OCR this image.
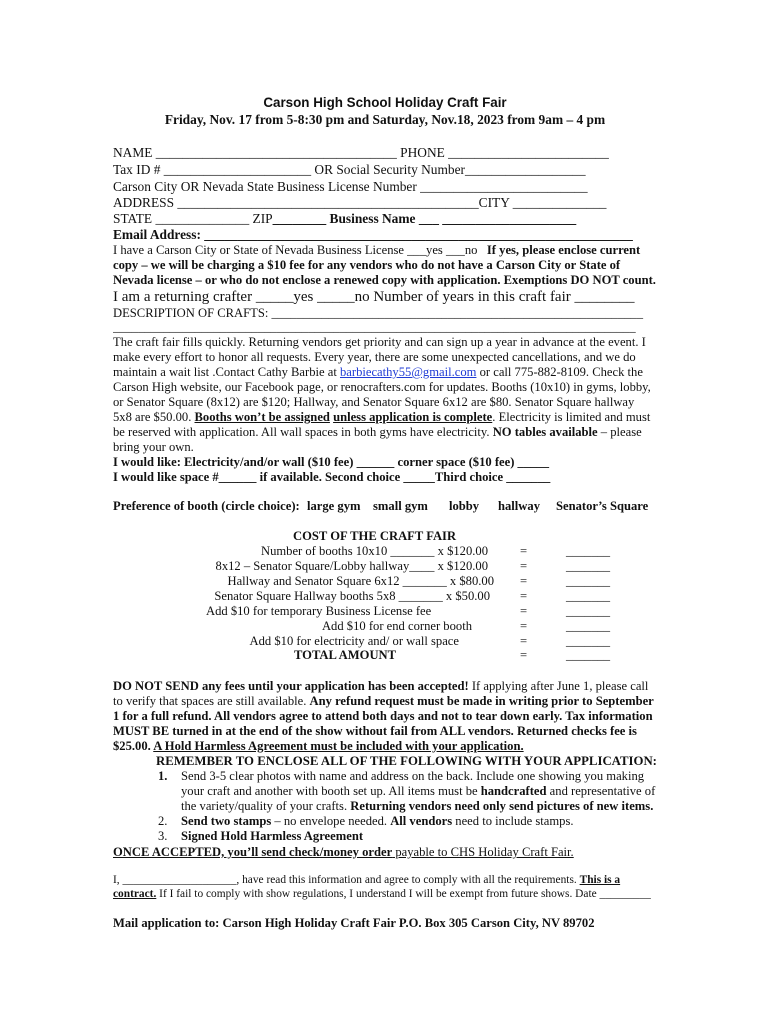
Carson High School Holiday Craft Fair
Friday, Nov. 17 from 5-8:30 pm and Saturday, Nov.18, 2023 from 9am – 4 pm
NAME ____________________________________ PHONE ________________________
Tax ID # ______________________ OR Social Security Number__________________
Carson City OR Nevada State Business License Number _________________________
ADDRESS _____________________________________________CITY ______________
STATE ______________ ZIP________ Business Name ___ ____________________
Email Address: ________________________________________________________________
I have a Carson City or State of Nevada Business License ___yes ___no If yes, please enclose current
copy – we will be charging a $10 fee for any vendors who do not have a Carson City or State of
Nevada license – or who do not enclose a renewed copy with application. Exemptions DO NOT count.
I am a returning crafter _____yes _____no Number of years in this craft fair ________
DESCRIPTION OF CRAFTS: ___________________________________________________________
___________________________________________________________________________________
The craft fair fills quickly. Returning vendors get priority and can sign up a year in advance at the event. I
make every effort to honor all requests. Every year, there are some unexpected cancellations, and we do
maintain a wait list .Contact Cathy Barbie at barbiecathy55@gmail.com or call 775-882-8109. Check the
Carson High website, our Facebook page, or renocrafters.com for updates. Booths (10x10) in gyms, lobby,
or Senator Square (8x12) are $120; Hallway, and Senator Square 6x12 are $80. Senator Square hallway
5x8 are $50.00. Booths won’t be assigned unless application is complete. Electricity is limited and must
be reserved with application. All wall spaces in both gyms have electricity. NO tables available – please
bring your own.
I would like: Electricity/and/or wall ($10 fee) ______ corner space ($10 fee) _____
I would like space #______ if available. Second choice _____Third choice _______
Preference of booth (circle choice): large gym small gym lobby hallway Senator’s Square
COST OF THE CRAFT FAIR
Number of booths 10x10 _______ x $120.00	=	_______
8x12 – Senator Square/Lobby hallway____ x $120.00	=	_______
Hallway and Senator Square 6x12 _______ x $80.00 =	_______
Senator Square Hallway booths 5x8 _______ x $50.00 =	_______
Add $10 for temporary Business License fee	=	_______
Add $10 for end corner booth	=	_______
Add $10 for electricity and/ or wall space	=	_______
TOTAL AMOUNT	=	_______
DO NOT SEND any fees until your application has been accepted! If applying after June 1, please call
to verify that spaces are still available. Any refund request must be made in writing prior to September
1 for a full refund. All vendors agree to attend both days and not to tear down early. Tax information
MUST BE turned in at the end of the show without fail from ALL vendors. Returned checks fee is
$25.00. A Hold Harmless Agreement must be included with your application.
REMEMBER TO ENCLOSE ALL OF THE FOLLOWING WITH YOUR APPLICATION:
1. Send 3-5 clear photos with name and address on the back. Include one showing you making
your craft and another with booth set up. All items must be handcrafted and representative of
the variety/quality of your crafts. Returning vendors need only send pictures of new items.
2. Send two stamps – no envelope needed. All vendors need to include stamps.
3. Signed Hold Harmless Agreement
ONCE ACCEPTED, you’ll send check/money order payable to CHS Holiday Craft Fair.
I, ____________________, have read this information and agree to comply with all the requirements. This is a
contract. If I fail to comply with show regulations, I understand I will be exempt from future shows. Date _________
Mail application to: Carson High Holiday Craft Fair P.O. Box 305 Carson City, NV 89702
